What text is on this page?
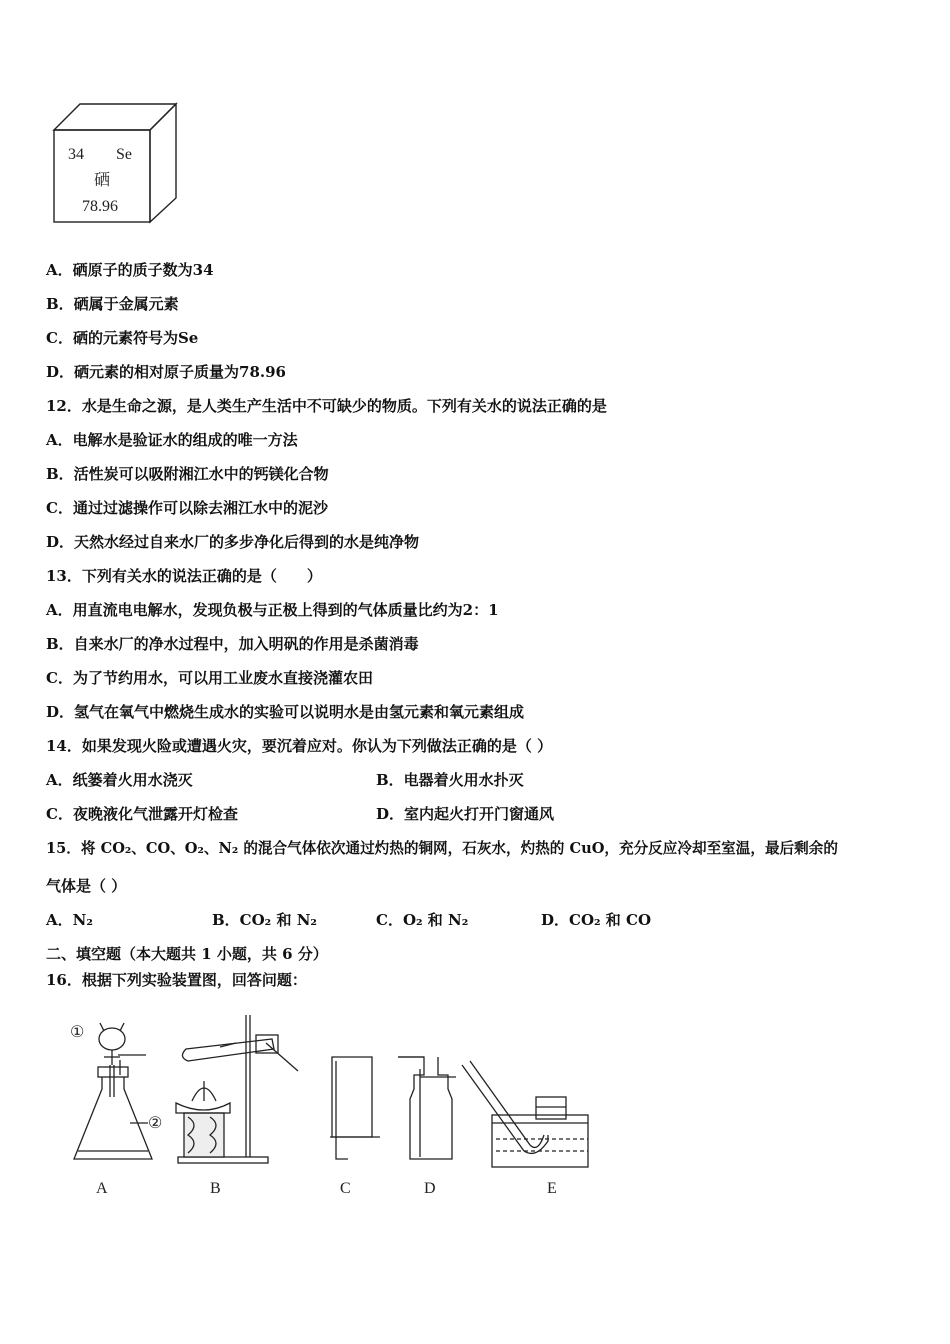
34 Se
硒
78.96
A．硒原子的质子数为34
B．硒属于金属元素
C．硒的元素符号为Se
D．硒元素的相对原子质量为78.96
12．水是生命之源，是人类生产生活中不可缺少的物质。下列有关水的说法正确的是
A．电解水是验证水的组成的唯一方法
B．活性炭可以吸附湘江水中的钙镁化合物
C．通过过滤操作可以除去湘江水中的泥沙
D．天然水经过自来水厂的多步净化后得到的水是纯净物
13．下列有关水的说法正确的是（　　）
A．用直流电电解水，发现负极与正极上得到的气体质量比约为2：1
B．自来水厂的净水过程中，加入明矾的作用是杀菌消毒
C．为了节约用水，可以用工业废水直接浇灌农田
D．氢气在氧气中燃烧生成水的实验可以说明水是由氢元素和氧元素组成
14．如果发现火险或遭遇火灾，要沉着应对。你认为下列做法正确的是（ ）
A．纸篓着火用水浇灭	B．电器着火用水扑灭
C．夜晚液化气泄露开灯检查	D．室内起火打开门窗通风
15．将 CO₂、CO、O₂、N₂ 的混合气体依次通过灼热的铜网，石灰水，灼热的 CuO，充分反应冷却至室温，最后剩余的
气体是（ ）
A．N₂	B．CO₂ 和 N₂	C．O₂ 和 N₂	D．CO₂ 和 CO
二、填空题（本大题共 1 小题，共 6 分）
16．根据下列实验装置图，回答问题：
①
②
A	B	C	D	E
